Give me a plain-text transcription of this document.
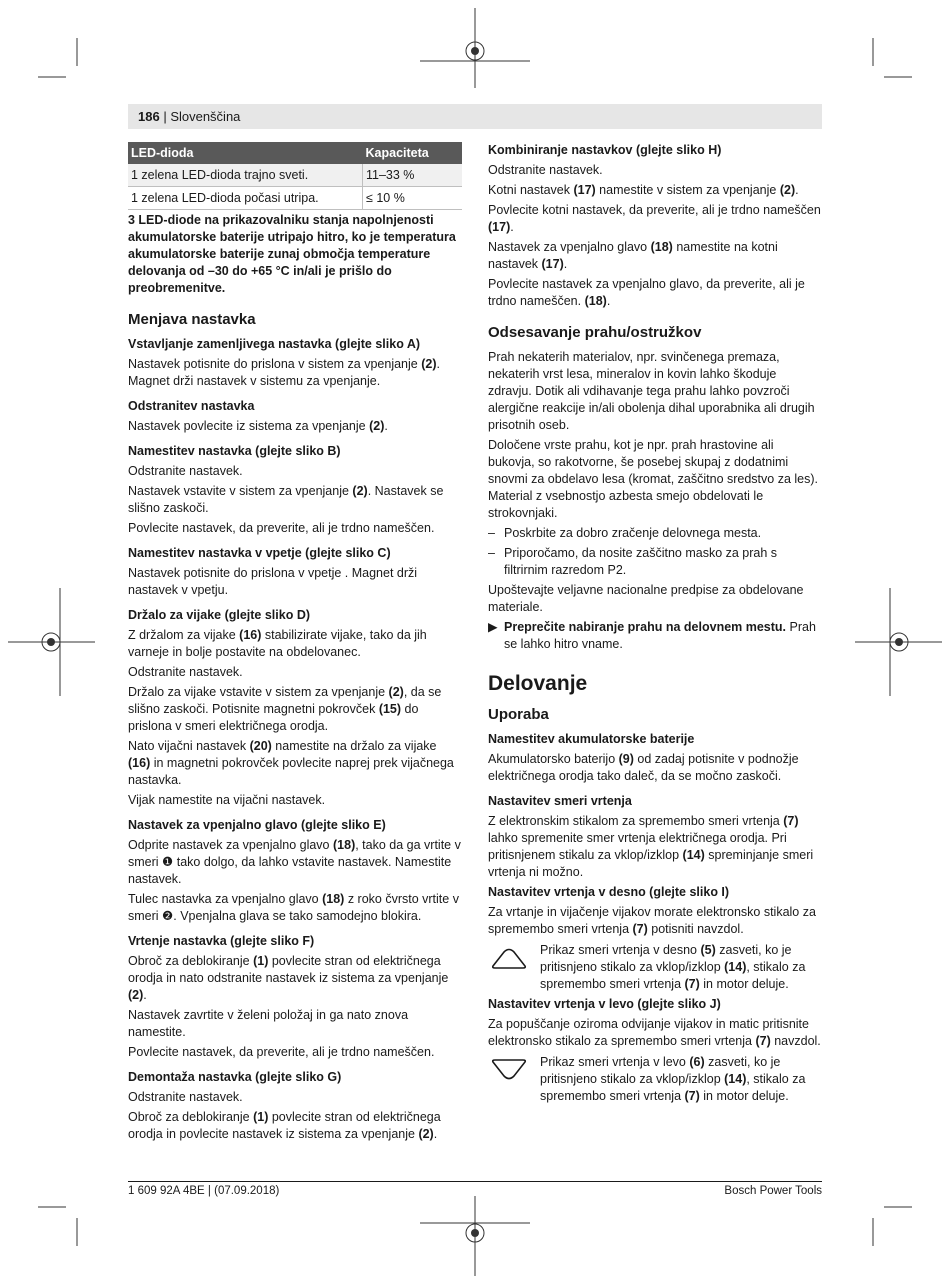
186 | Slovenščina
LED-dioda	Kapaciteta
1 zelena LED-dioda trajno sveti.	11–33 %
1 zelena LED-dioda počasi utripa.	≤ 10 %

3 LED-diode na prikazovalniku stanja napolnjenosti akumulatorske baterije utripajo hitro, ko je temperatura akumulatorske baterije zunaj območja temperature delovanja od –30 do +65 °C in/ali je prišlo do preobremenitve.

Menjava nastavka
Vstavljanje zamenljivega nastavka (glejte sliko A)

Nastavek potisnite do prislona v sistem za vpenjanje (2). Magnet drži nastavek v sistemu za vpenjanje.

Odstranitev nastavka

Nastavek povlecite iz sistema za vpenjanje (2).

Namestitev nastavka (glejte sliko B)

Odstranite nastavek.

Nastavek vstavite v sistem za vpenjanje (2). Nastavek se slišno zaskoči.

Povlecite nastavek, da preverite, ali je trdno nameščen.

Namestitev nastavka v vpetje (glejte sliko C)

Nastavek potisnite do prislona v vpetje . Magnet drži nastavek v vpetju.

Držalo za vijake (glejte sliko D)

Z držalom za vijake (16) stabilizirate vijake, tako da jih varneje in bolje postavite na obdelovanec.

Odstranite nastavek.

Držalo za vijake vstavite v sistem za vpenjanje (2), da se slišno zaskoči. Potisnite magnetni pokrovček (15) do prislona v smeri električnega orodja.

Nato vijačni nastavek (20) namestite na držalo za vijake (16) in magnetni pokrovček povlecite naprej prek vijačnega nastavka.

Vijak namestite na vijačni nastavek.

Nastavek za vpenjalno glavo (glejte sliko E)

Odprite nastavek za vpenjalno glavo (18), tako da ga vrtite v smeri ❶ tako dolgo, da lahko vstavite nastavek. Namestite nastavek.

Tulec nastavka za vpenjalno glavo (18) z roko čvrsto vrtite v smeri ❷. Vpenjalna glava se tako samodejno blokira.

Vrtenje nastavka (glejte sliko F)

Obroč za deblokiranje (1) povlecite stran od električnega orodja in nato odstranite nastavek iz sistema za vpenjanje (2).

Nastavek zavrtite v želeni položaj in ga nato znova namestite.

Povlecite nastavek, da preverite, ali je trdno nameščen.

Demontaža nastavka (glejte sliko G)

Odstranite nastavek.

Obroč za deblokiranje (1) povlecite stran od električnega orodja in povlecite nastavek iz sistema za vpenjanje (2).

Kombiniranje nastavkov (glejte sliko H)

Odstranite nastavek.

Kotni nastavek (17) namestite v sistem za vpenjanje (2).

Povlecite kotni nastavek, da preverite, ali je trdno nameščen (17).

Nastavek za vpenjalno glavo (18) namestite na kotni nastavek (17).

Povlecite nastavek za vpenjalno glavo, da preverite, ali je trdno nameščen. (18).

Odsesavanje prahu/ostružkov

Prah nekaterih materialov, npr. svinčenega premaza, nekaterih vrst lesa, mineralov in kovin lahko škoduje zdravju. Dotik ali vdihavanje tega prahu lahko povzroči alergične reakcije in/ali obolenja dihal uporabnika ali drugih prisotnih oseb.

Določene vrste prahu, kot je npr. prah hrastovine ali bukovja, so rakotvorne, še posebej skupaj z dodatnimi snovmi za obdelavo lesa (kromat, zaščitno sredstvo za les). Material z vsebnostjo azbesta smejo obdelovati le strokovnjaki.

– Poskrbite za dobro zračenje delovnega mesta.
– Priporočamo, da nosite zaščitno masko za prah s filtrirnim razredom P2.

Upoštevajte veljavne nacionalne predpise za obdelovane materiale.

▶ Preprečite nabiranje prahu na delovnem mestu. Prah se lahko hitro vname.

Delovanje
Uporaba
Namestitev akumulatorske baterije

Akumulatorsko baterijo (9) od zadaj potisnite v podnožje električnega orodja tako daleč, da se močno zaskoči.

Nastavitev smeri vrtenja

Z elektronskim stikalom za spremembo smeri vrtenja (7) lahko spremenite smer vrtenja električnega orodja. Pri pritisnjenem stikalu za vklop/izklop (14) spreminjanje smeri vrtenja ni možno.

Nastavitev vrtenja v desno (glejte sliko I)

Za vrtanje in vijačenje vijakov morate elektronsko stikalo za spremembo smeri vrtenja (7) potisniti navzdol.

Prikaz smeri vrtenja v desno (5) zasveti, ko je pritisnjeno stikalo za vklop/izklop (14), stikalo za spremembo smeri vrtenja (7) in motor deluje.
Nastavitev vrtenja v levo (glejte sliko J)

Za popuščanje oziroma odvijanje vijakov in matic pritisnite elektronsko stikalo za spremembo smeri vrtenja (7) navzdol.

Prikaz smeri vrtenja v levo (6) zasveti, ko je pritisnjeno stikalo za vklop/izklop (14), stikalo za spremembo smeri vrtenja (7) in motor deluje.
1 609 92A 4BE | (07.09.2018)	Bosch Power Tools
